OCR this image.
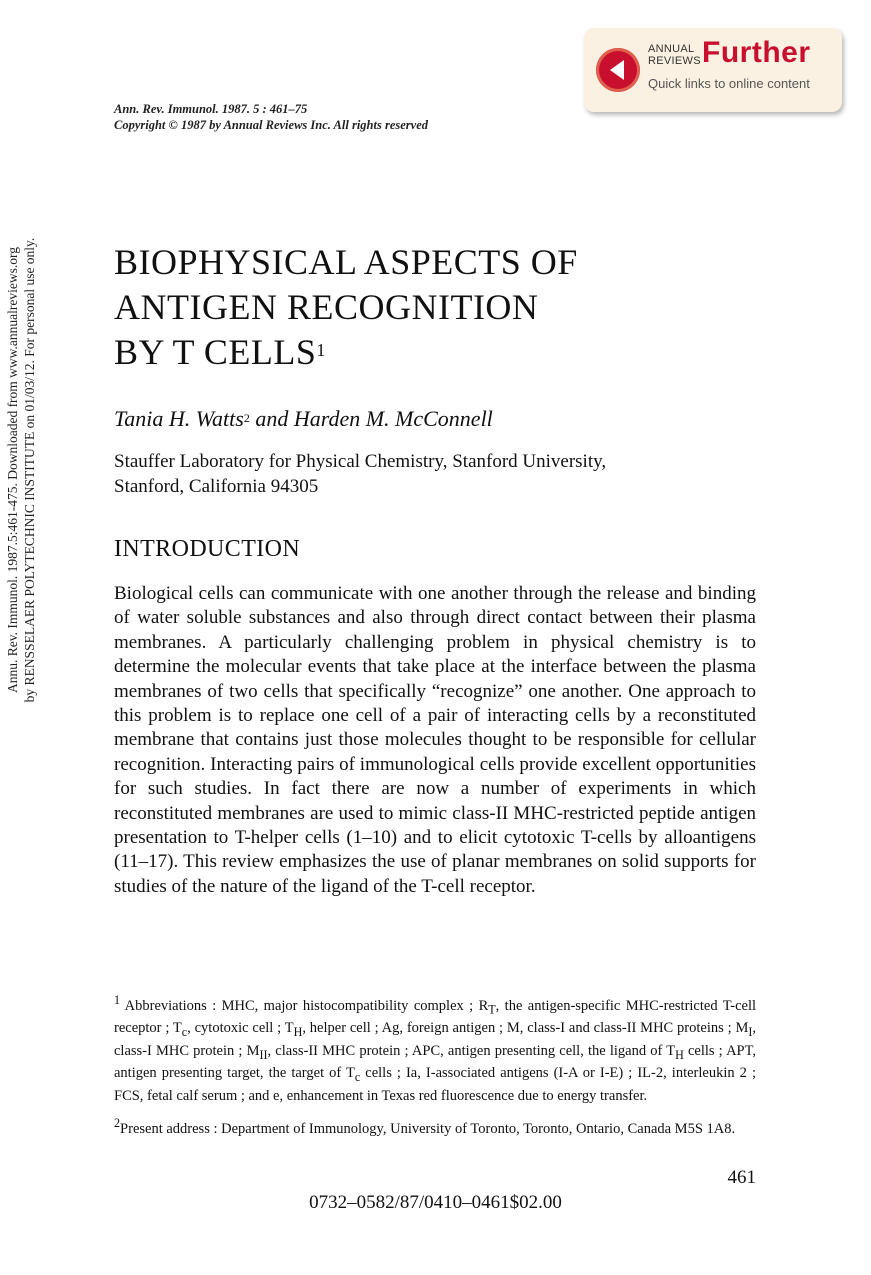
ANNUAL
REVIEWS Further
Quick links to online content
Ann. Rev. Immunol. 1987. 5 : 461–75
Copyright © 1987 by Annual Reviews Inc. All rights reserved
BIOPHYSICAL ASPECTS OF
ANTIGEN RECOGNITION
BY T CELLS$^1$
Tania H. Watts$^2$ and Harden M. McConnell
Stauffer Laboratory for Physical Chemistry, Stanford University,
Stanford, California 94305
INTRODUCTION

Biological cells can communicate with one another through the release and binding of water soluble substances and also through direct contact between their plasma membranes. A particularly challenging problem in physical chemistry is to determine the molecular events that take place at the interface between the plasma membranes of two cells that specifically “recognize” one another. One approach to this problem is to replace one cell of a pair of interacting cells by a reconstituted membrane that contains just those molecules thought to be responsible for cellular recognition. Interacting pairs of immunological cells provide excellent opportunities for such studies. In fact there are now a number of experiments in which reconstituted membranes are used to mimic class-II MHC-restricted peptide antigen presentation to T-helper cells (1–10) and to elicit cytotoxic T-cells by alloantigens (11–17). This review emphasizes the use of planar membranes on solid supports for studies of the nature of the ligand of the T-cell receptor.

$^1$ Abbreviations : MHC, major histocompatibility complex ; $R_T$, the antigen-specific MHC-restricted T-cell receptor ; $T_c$, cytotoxic cell ; $T_H$, helper cell ; Ag, foreign antigen ; M, class-I and class-II MHC proteins ; $M_I$, class-I MHC protein ; $M_{II}$, class-II MHC protein ; APC, antigen presenting cell, the ligand of $T_H$ cells ; APT, antigen presenting target, the target of $T_c$ cells ; Ia, I-associated antigens (I-A or I-E) ; IL-2, interleukin 2 ; FCS, fetal calf serum ; and e, enhancement in Texas red fluorescence due to energy transfer.

$^2$Present address : Department of Immunology, University of Toronto, Toronto, Ontario, Canada M5S 1A8.

461
0732–0582/87/0410–0461$02.00
Annu. Rev. Immunol. 1987.5:461-475. Downloaded from www.annualreviews.org by RENSSELAER POLYTECHNIC INSTITUTE on 01/03/12. For personal use only.
